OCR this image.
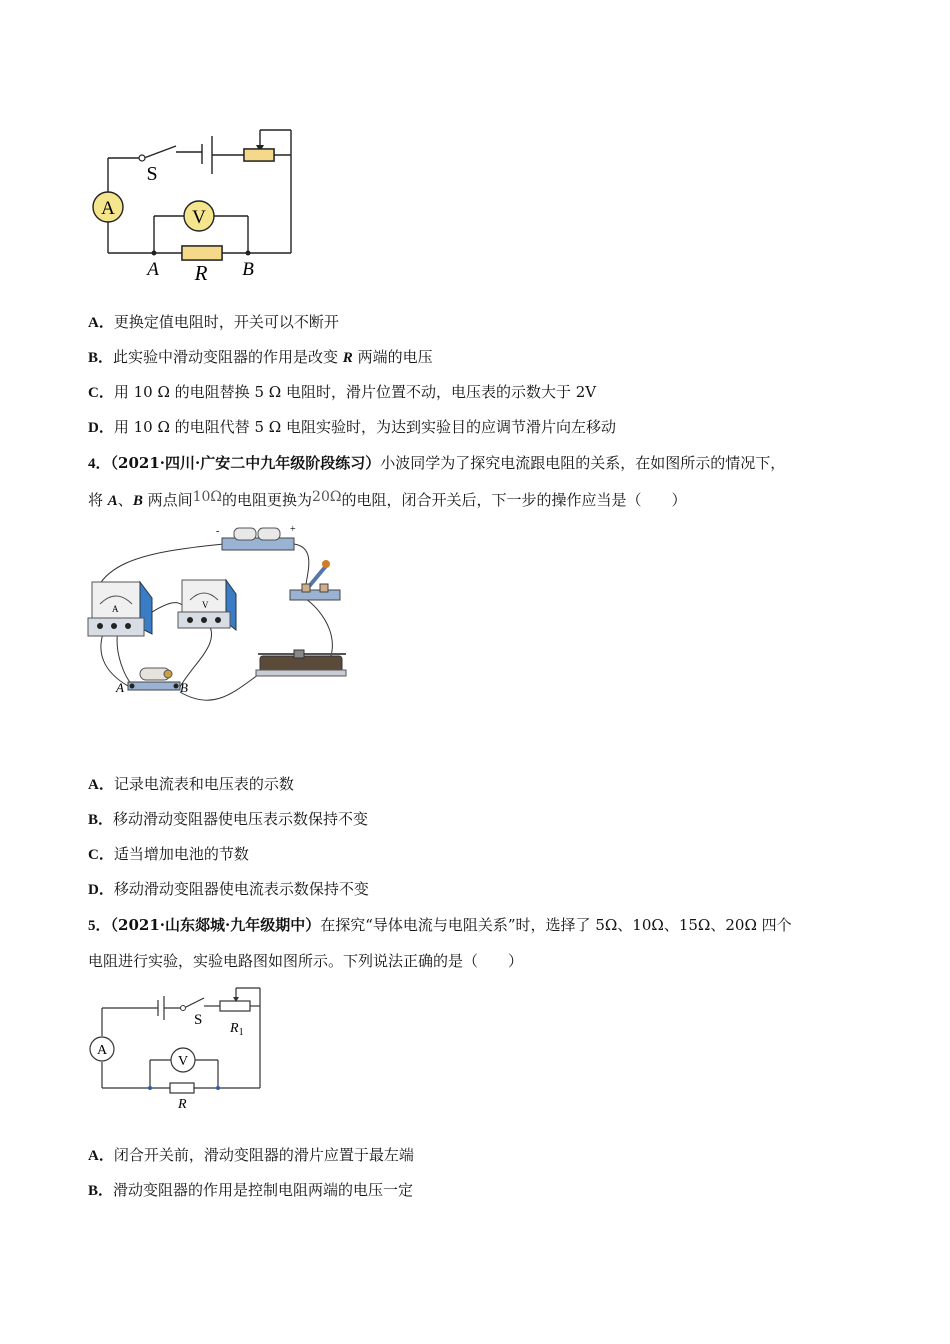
A	V
S
A R B
A．更换定值电阻时，开关可以不断开
B．此实验中滑动变阻器的作用是改变 R 两端的电压
C．用 10 Ω 的电阻替换 5 Ω 电阻时，滑片位置不动，电压表的示数大于 2V
D．用 10 Ω 的电阻代替 5 Ω 电阻实验时，为达到实验目的应调节滑片向左移动
4．（2021·四川·广安二中九年级阶段练习）小波同学为了探究电流跟电阻的关系，在如图所示的情况下，
将 A、B 两点间10Ω的电阻更换为20Ω的电阻，闭合开关后，下一步的操作应当是（　　）
-	+
A	V
A	B
A．记录电流表和电压表的示数
B．移动滑动变阻器使电压表示数保持不变
C．适当增加电池的节数
D．移动滑动变阻器使电流表示数保持不变
5．（2021·山东郯城·九年级期中）在探究“导体电流与电阻关系”时，选择了 5Ω、10Ω、15Ω、20Ω 四个
电阻进行实验，实验电路图如图所示。下列说法正确的是（　　）
A
V
S
$R_1$
R
A．闭合开关前，滑动变阻器的滑片应置于最左端
B．滑动变阻器的作用是控制电阻两端的电压一定
